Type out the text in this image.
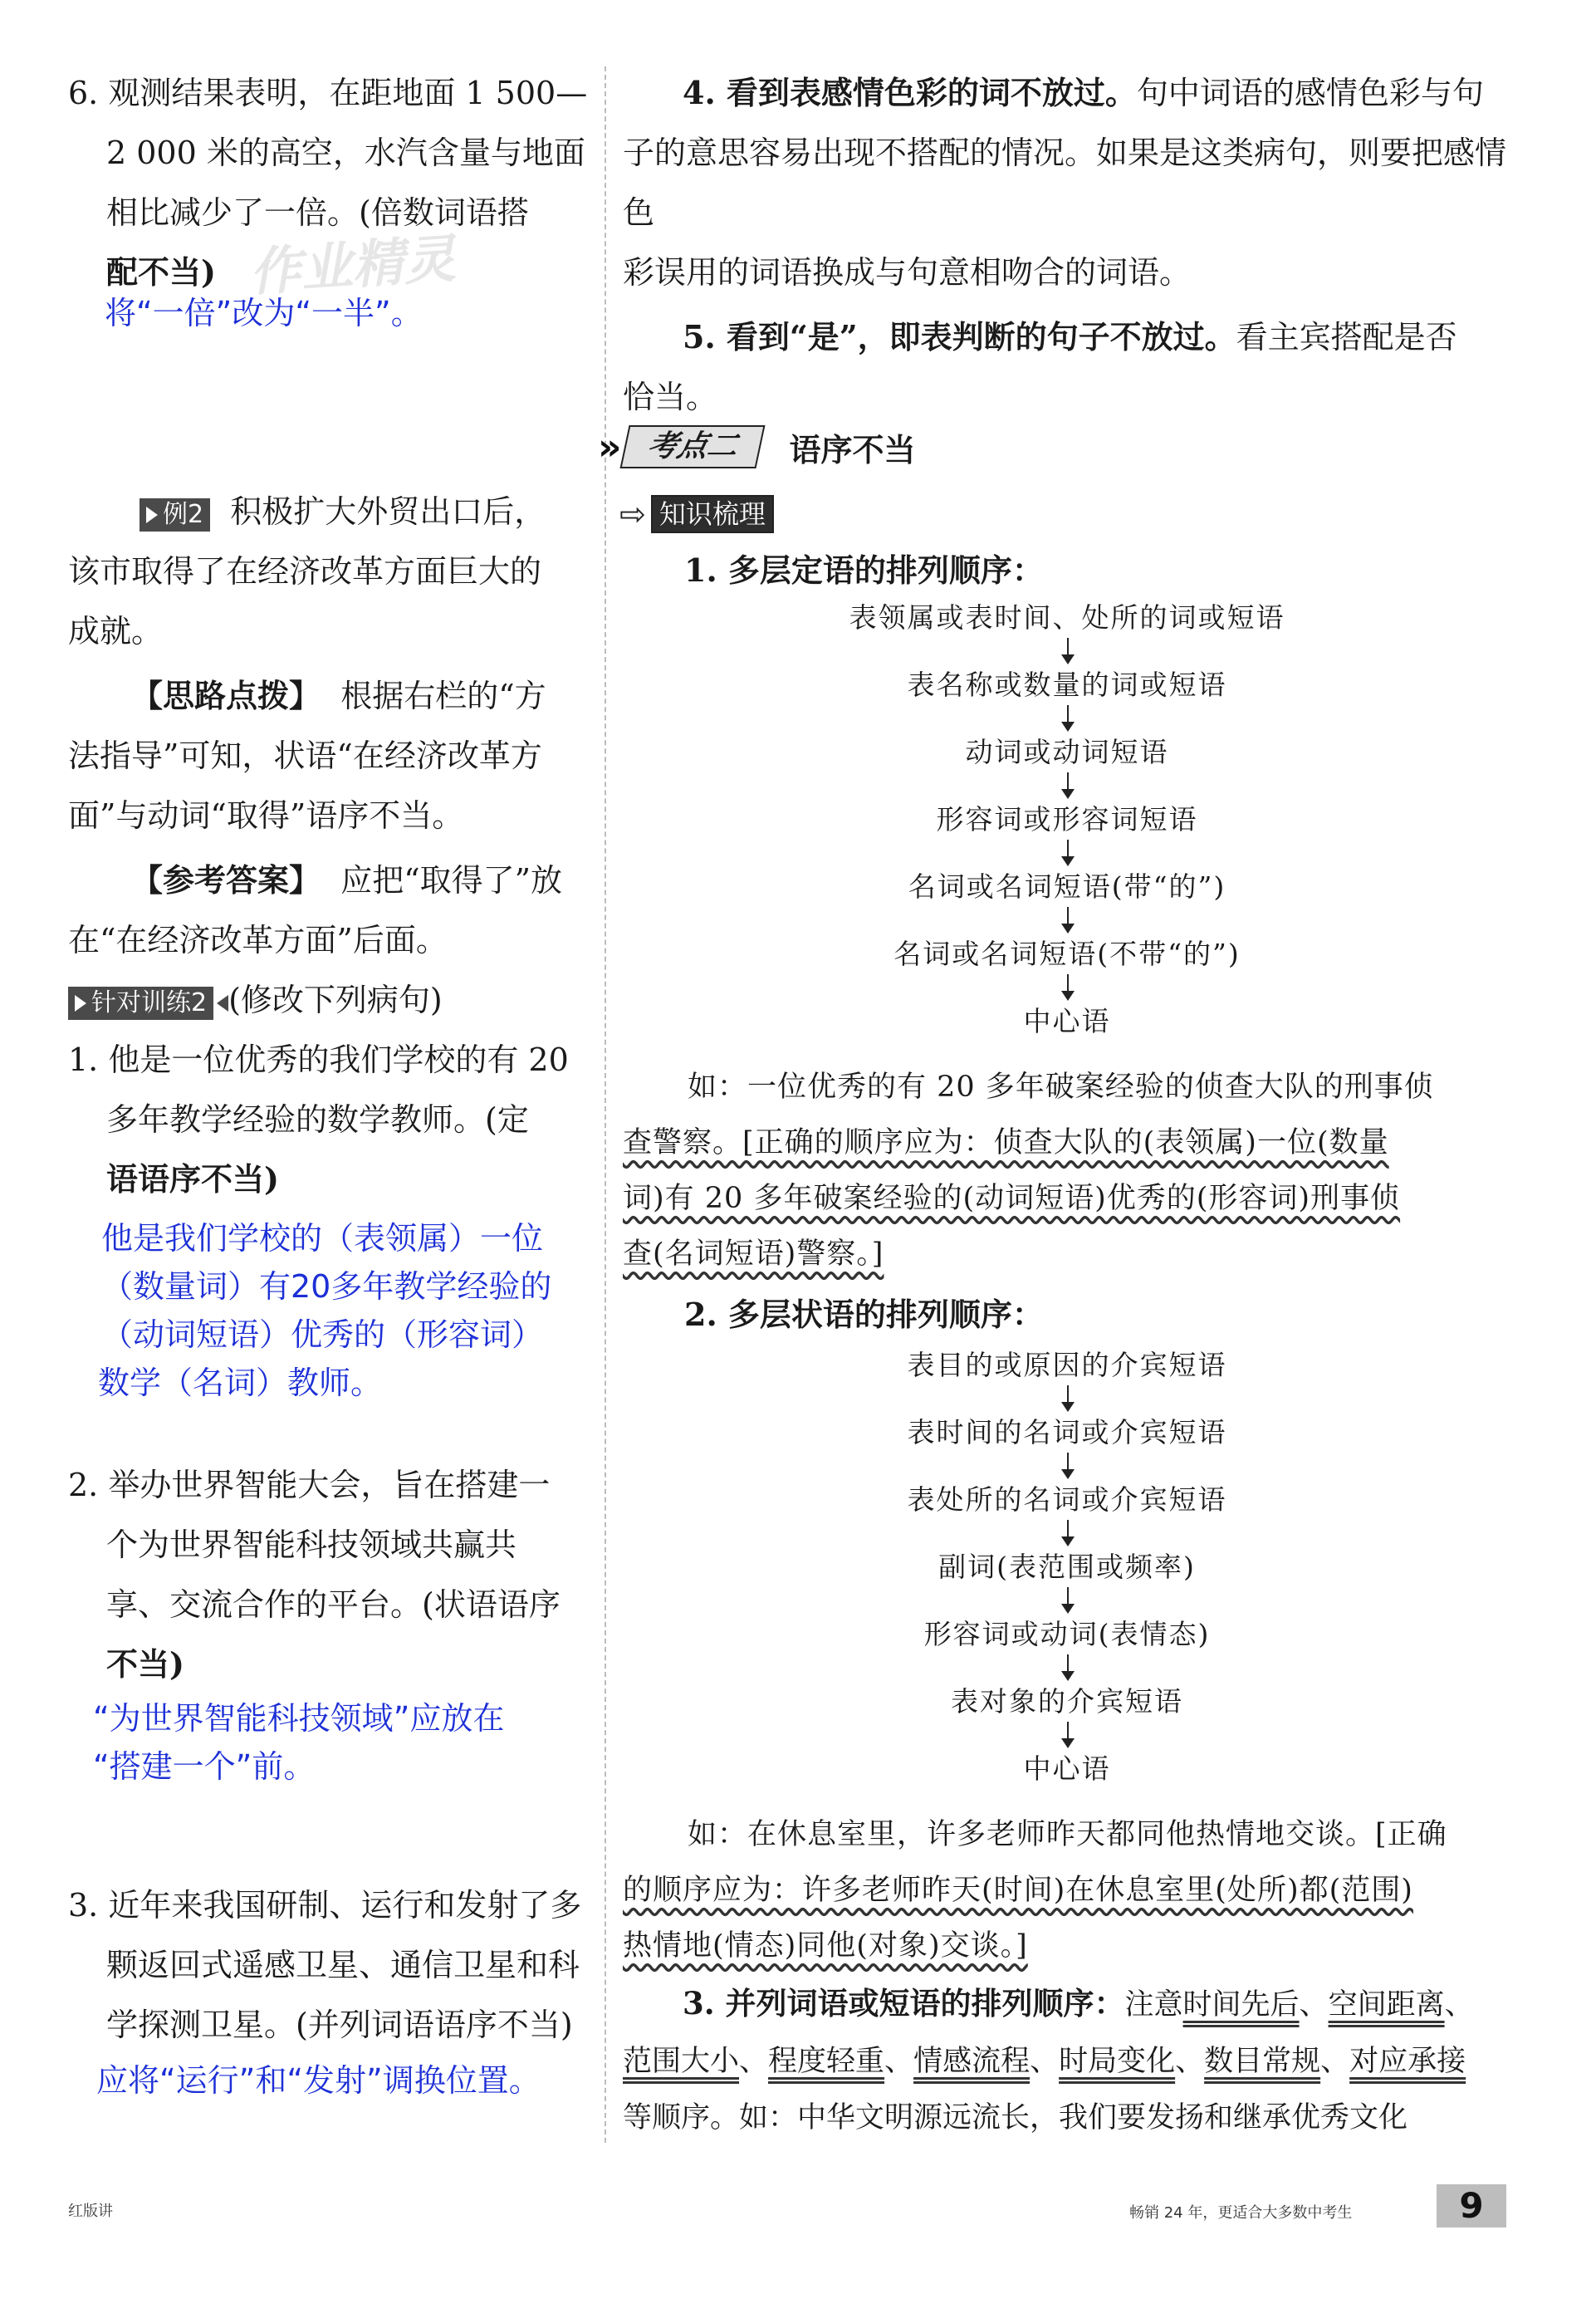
6. 观测结果表明，在距地面 1 500—
2 000 米的高空，水汽含量与地面
相比减少了一倍。(倍数词语搭
配不当) 作业精灵
将“一倍”改为“一半”。
例2 积极扩大外贸出口后，
该市取得了在经济改革方面巨大的
成就。
【思路点拨】 根据右栏的“方
法指导”可知，状语“在经济改革方
面”与动词“取得”语序不当。
【参考答案】 应把“取得了”放
在“在经济改革方面”后面。
针对训练2 (修改下列病句)
1. 他是一位优秀的我们学校的有 20
多年教学经验的数学教师。(定
语语序不当)
他是我们学校的（表领属）一位
（数量词）有20多年教学经验的
（动词短语）优秀的（形容词）
数学（名词）教师。
2. 举办世界智能大会，旨在搭建一
个为世界智能科技领域共赢共
享、交流合作的平台。(状语语序
不当)
“为世界智能科技领域”应放在
“搭建一个”前。
3. 近年来我国研制、运行和发射了多
颗返回式遥感卫星、通信卫星和科
学探测卫星。(并列词语语序不当)
应将“运行”和“发射”调换位置。
4. 看到表感情色彩的词不放过。句中词语的感情色彩与句
子的意思容易出现不搭配的情况。如果是这类病句，则要把感情色
彩误用的词语换成与句意相吻合的词语。
5. 看到“是”，即表判断的句子不放过。看主宾搭配是否
恰当。
» 考点二	语序不当
⇨ 知识梳理
1. 多层定语的排列顺序：
表领属或表时间、处所的词或短语
表名称或数量的词或短语
动词或动词短语
形容词或形容词短语
名词或名词短语(带“的”)
名词或名词短语(不带“的”)
中心语
如：一位优秀的有 20 多年破案经验的侦查大队的刑事侦
查警察。[正确的顺序应为：侦查大队的(表领属)一位(数量
词)有 20 多年破案经验的(动词短语)优秀的(形容词)刑事侦
查(名词短语)警察。]
2. 多层状语的排列顺序：
表目的或原因的介宾短语
表时间的名词或介宾短语
表处所的名词或介宾短语
副词(表范围或频率)
形容词或动词(表情态)
表对象的介宾短语
中心语
如：在休息室里，许多老师昨天都同他热情地交谈。[正确
的顺序应为：许多老师昨天(时间)在休息室里(处所)都(范围)
热情地(情态)同他(对象)交谈。]
3. 并列词语或短语的排列顺序：注意时间先后、空间距离、
范围大小、程度轻重、情感流程、时局变化、数目常规、对应承接
等顺序。如：中华文明源远流长，我们要发扬和继承优秀文化
红版讲	畅销 24 年，更适合大多数中考生	9
